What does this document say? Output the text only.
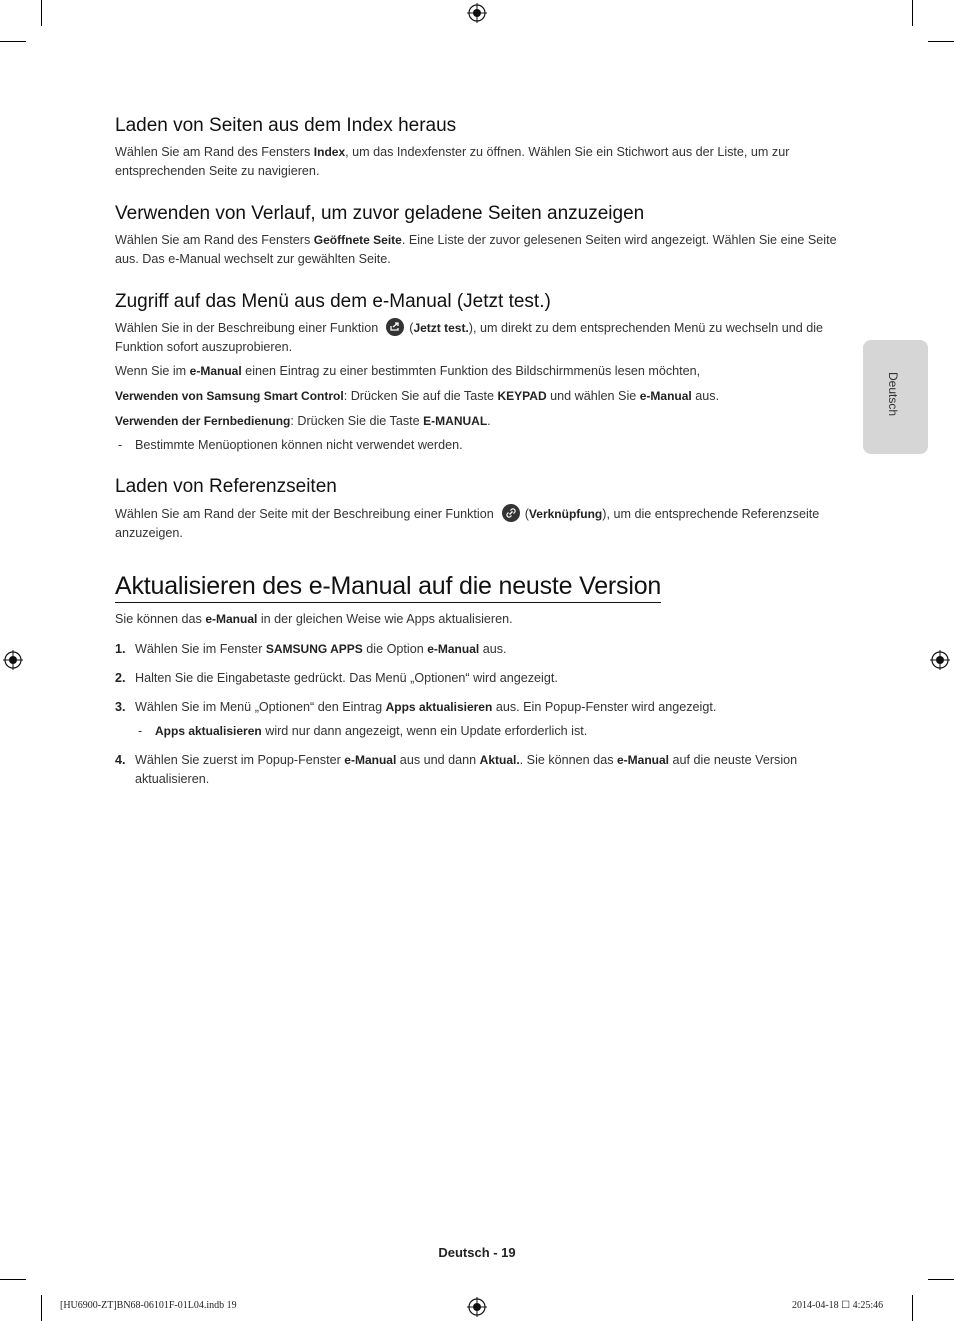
Deutsch
Laden von Seiten aus dem Index heraus
Wählen Sie am Rand des Fensters Index, um das Indexfenster zu öffnen. Wählen Sie ein Stichwort aus der Liste, um zur entsprechenden Seite zu navigieren.
Verwenden von Verlauf, um zuvor geladene Seiten anzuzeigen
Wählen Sie am Rand des Fensters Geöffnete Seite. Eine Liste der zuvor gelesenen Seiten wird angezeigt. Wählen Sie eine Seite aus. Das e-Manual wechselt zur gewählten Seite.
Zugriff auf das Menü aus dem e-Manual (Jetzt test.)
Wählen Sie in der Beschreibung einer Funktion (Jetzt test.), um direkt zu dem entsprechenden Menü zu wechseln und die Funktion sofort auszuprobieren.
Wenn Sie im e-Manual einen Eintrag zu einer bestimmten Funktion des Bildschirmmenüs lesen möchten,
Verwenden von Samsung Smart Control: Drücken Sie auf die Taste KEYPAD und wählen Sie e-Manual aus.
Verwenden der Fernbedienung: Drücken Sie die Taste E-MANUAL.
- Bestimmte Menüoptionen können nicht verwendet werden.
Laden von Referenzseiten
Wählen Sie am Rand der Seite mit der Beschreibung einer Funktion (Verknüpfung), um die entsprechende Referenzseite anzuzeigen.
Aktualisieren des e-Manual auf die neuste Version
Sie können das e-Manual in der gleichen Weise wie Apps aktualisieren.
1. Wählen Sie im Fenster SAMSUNG APPS die Option e-Manual aus.
2. Halten Sie die Eingabetaste gedrückt. Das Menü „Optionen“ wird angezeigt.
3. Wählen Sie im Menü „Optionen“ den Eintrag Apps aktualisieren aus. Ein Popup-Fenster wird angezeigt.
- Apps aktualisieren wird nur dann angezeigt, wenn ein Update erforderlich ist.
4. Wählen Sie zuerst im Popup-Fenster e-Manual aus und dann Aktual.. Sie können das e-Manual auf die neuste Version aktualisieren.
Deutsch - 19
[HU6900-ZT]BN68-06101F-01L04.indb 19	2014-04-18 ☐ 4:25:46
